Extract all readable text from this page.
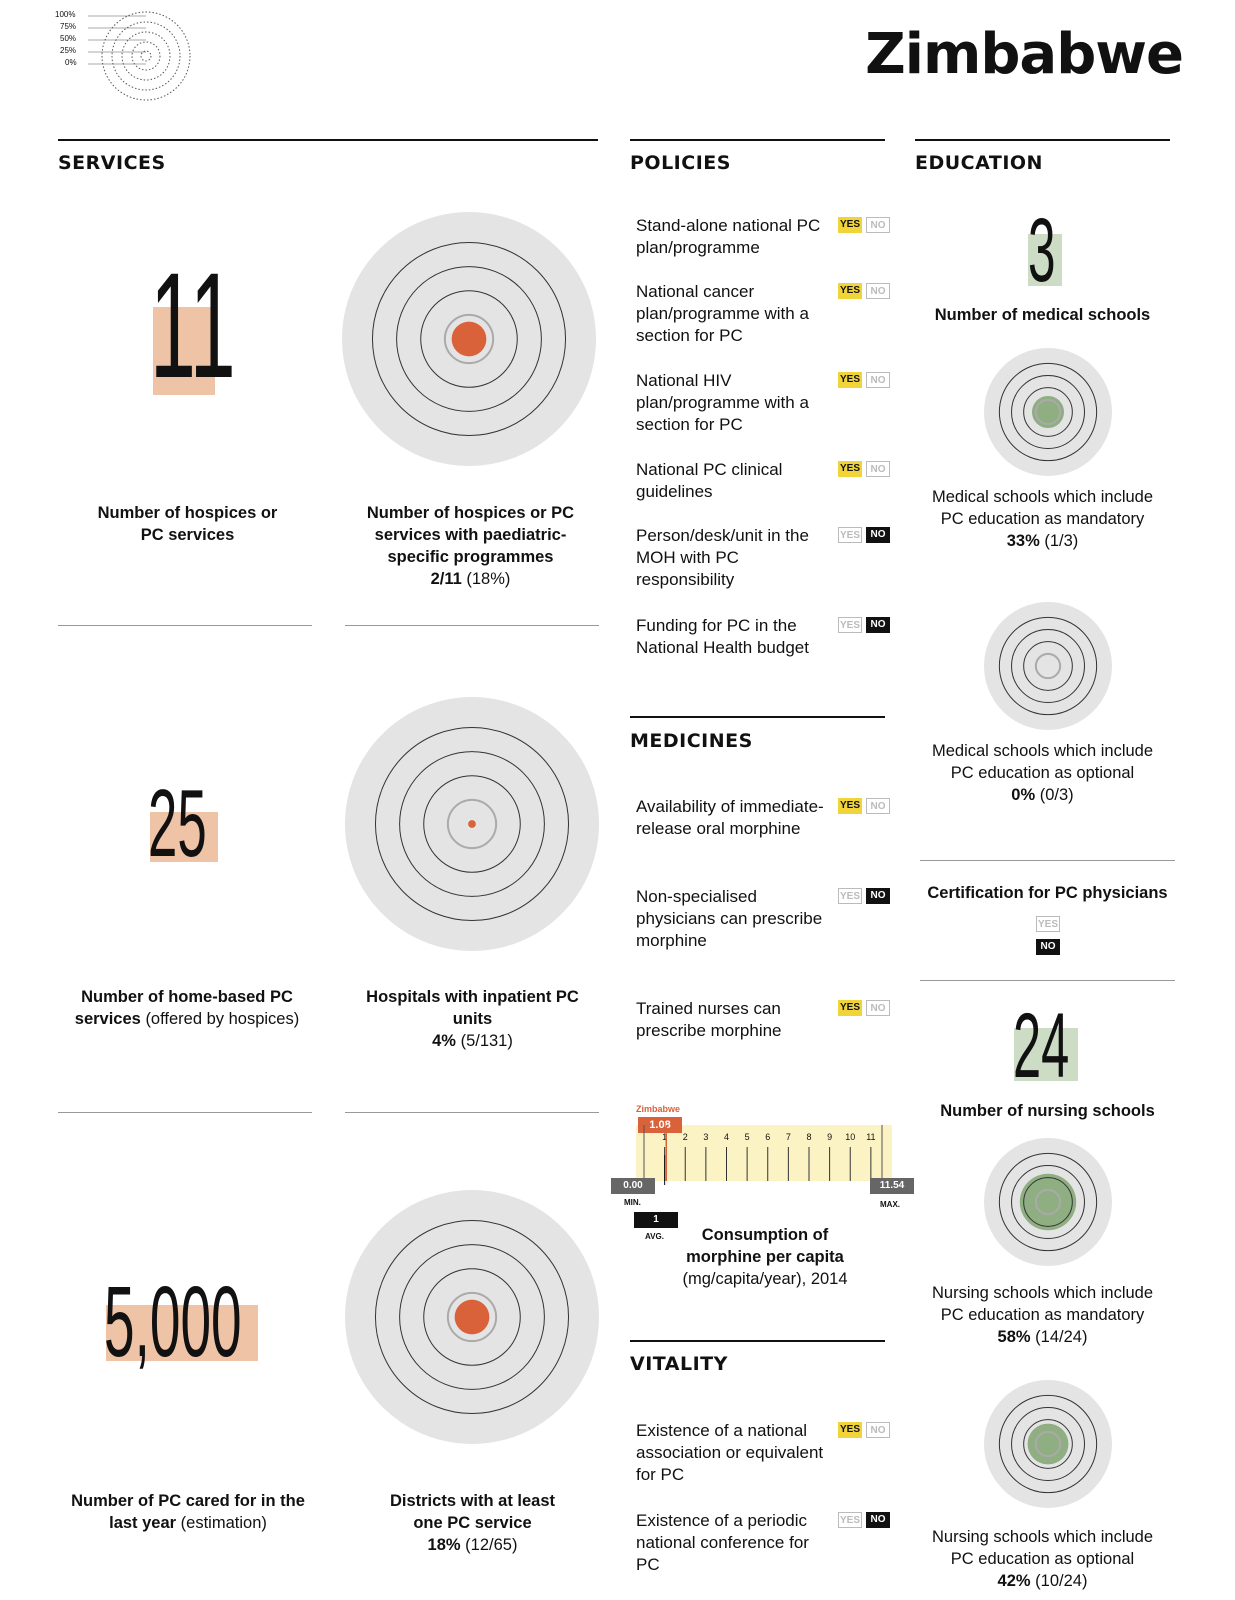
100%
75%
50%
25%
0%	Zimbabwe
SERVICES	POLICIES	EDUCATION
11
Number of hospices or PC services
Number of hospices or PC services with paediatric-specific programmes
2/11 (18%)
25
Number of home-based PC services (offered by hospices)
Hospitals with inpatient PC units
4% (5/131)
5,000
Number of PC cared for in the last year (estimation)
Districts with at least one PC service
18% (12/65)
Stand-alone national PC plan/programme
YES	NO
National cancer plan/programme with a section for PC
YES	NO
National HIV plan/programme with a section for PC
YES	NO
National PC clinical guidelines
YES	NO
Person/desk/unit in the MOH with PC responsibility
YES	NO
Funding for PC in the National Health budget
YES	NO
MEDICINES
Availability of immediate-release oral morphine
YES	NO
Non-specialised physicians can prescribe morphine
YES	NO
Trained nurses can prescribe morphine
YES	NO
Zimbabwe
1.08
1 2 3 4 5 6 7 8 9 10 11
0.00
MIN.
11.54
MAX.
1
AVG.	Consumption of morphine per capita
(mg/capita/year), 2014
VITALITY
Existence of a national association or equivalent for PC
YES	NO
Existence of a periodic national conference for PC
YES	NO
3
Number of medical schools
Medical schools which include PC education as mandatory
33% (1/3)
Medical schools which include PC education as optional
0% (0/3)
Certification for PC physicians
YES
NO
24
Number of nursing schools
Nursing schools which include PC education as mandatory
58% (14/24)
Nursing schools which include PC education as optional
42% (10/24)
